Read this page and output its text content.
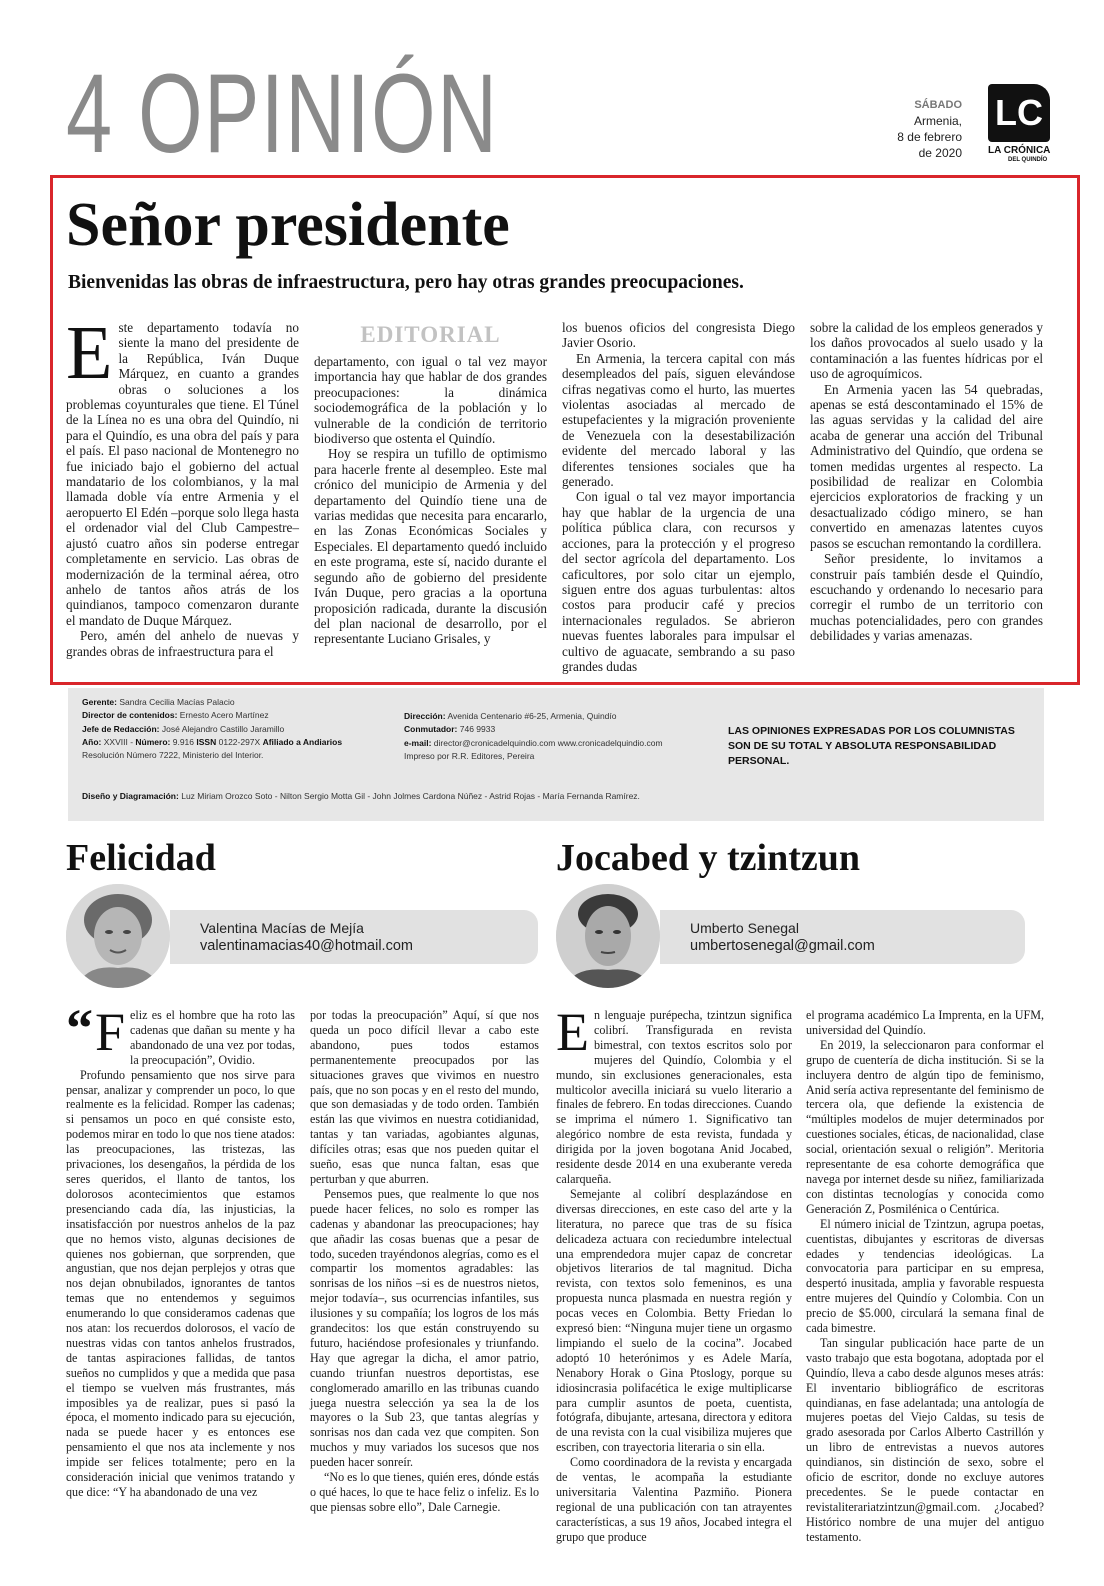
4 OPINIÓN	SÁBADO
Armenia,
8 de febrero
de 2020
LC
LA CRÓNICA
DEL QUINDÍO
Señor presidente
Bienvenidas las obras de infraestructura, pero hay otras grandes preocupaciones.

Este departamento todavía no siente la mano del presidente de la República, Iván Duque Márquez, en cuanto a grandes obras o soluciones a los problemas coyunturales que tiene. El Túnel de la Línea no es una obra del Quindío, ni para el Quindío, es una obra del país y para el país. El paso nacional de Montenegro no fue iniciado bajo el gobierno del actual mandatario de los colombianos, y la mal llamada doble vía entre Armenia y el aeropuerto El Edén –porque solo llega hasta el ordenador vial del Club Campestre– ajustó cuatro años sin poderse entregar completamente en servicio. Las obras de modernización de la terminal aérea, otro anhelo de tantos años atrás de los quindianos, tampoco comenzaron durante el mandato de Duque Márquez.

Pero, amén del anhelo de nuevas y grandes obras de infraestructura para el

EDITORIAL

departamento, con igual o tal vez mayor importancia hay que hablar de dos grandes preocupaciones: la dinámica sociodemográfica de la población y lo vulnerable de la condición de territorio biodiverso que ostenta el Quindío.

Hoy se respira un tufillo de optimismo para hacerle frente al desempleo. Este mal crónico del municipio de Armenia y del departamento del Quindío tiene una de varias medidas que necesita para encararlo, en las Zonas Económicas Sociales y Especiales. El departamento quedó incluido en este programa, este sí, nacido durante el segundo año de gobierno del presidente Iván Duque, pero gracias a la oportuna proposición radicada, durante la discusión del plan nacional de desarrollo, por el representante Luciano Grisales, y

los buenos oficios del congresista Diego Javier Osorio.

En Armenia, la tercera capital con más desempleados del país, siguen elevándose cifras negativas como el hurto, las muertes violentas asociadas al mercado de estupefacientes y la migración proveniente de Venezuela con la desestabilización evidente del mercado laboral y las diferentes tensiones sociales que ha generado.

Con igual o tal vez mayor importancia hay que hablar de la urgencia de una política pública clara, con recursos y acciones, para la protección y el progreso del sector agrícola del departamento. Los caficultores, por solo citar un ejemplo, siguen entre dos aguas turbulentas: altos costos para producir café y precios internacionales regulados. Se abrieron nuevas fuentes laborales para impulsar el cultivo de aguacate, sembrando a su paso grandes dudas

sobre la calidad de los empleos generados y los daños provocados al suelo usado y la contaminación a las fuentes hídricas por el uso de agroquímicos.

En Armenia yacen las 54 quebradas, apenas se está descontaminado el 15% de las aguas servidas y la calidad del aire acaba de generar una acción del Tribunal Administrativo del Quindío, que ordena se tomen medidas urgentes al respecto. La posibilidad de realizar en Colombia ejercicios exploratorios de fracking y un desactualizado código minero, se han convertido en amenazas latentes cuyos pasos se escuchan remontando la cordillera.

Señor presidente, lo invitamos a construir país también desde el Quindío, escuchando y ordenando lo necesario para corregir el rumbo de un territorio con muchas potencialidades, pero con grandes debilidades y varias amenazas.

Gerente: Sandra Cecilia Macías Palacio
Director de contenidos: Ernesto Acero Martínez
Jefe de Redacción: José Alejandro Castillo Jaramillo
Año: XXVIII - Número: 9.916 ISSN 0122-297X Afiliado a Andiarios
Resolución Número 7222, Ministerio del Interior.
Dirección: Avenida Centenario #6-25, Armenia, Quindío
Conmutador: 746 9933
e-mail: director@cronicadelquindio.com www.cronicadelquindio.com
Impreso por R.R. Editores, Pereira
LAS OPINIONES EXPRESADAS POR LOS COLUMNISTAS SON DE SU TOTAL Y ABSOLUTA RESPONSABILIDAD PERSONAL.
Diseño y Diagramación: Luz Miriam Orozco Soto - Nilton Sergio Motta Gil - John Jolmes Cardona Núñez - Astrid Rojas - María Fernanda Ramírez.
Felicidad
Valentina Macías de Mejía
valentinamacias40@hotmail.com

“ F eliz es el hombre que ha roto las cadenas que dañan su mente y ha abandonado de una vez por todas, la preocupación”, Ovidio.

Profundo pensamiento que nos sirve para pensar, analizar y comprender un poco, lo que realmente es la felicidad. Romper las cadenas; si pensamos un poco en qué consiste esto, podemos mirar en todo lo que nos tiene atados: las preocupaciones, las tristezas, las privaciones, los desengaños, la pérdida de los seres queridos, el llanto de tantos, los dolorosos acontecimientos que estamos presenciando cada día, las injusticias, la insatisfacción por nuestros anhelos de la paz que no hemos visto, algunas decisiones de quienes nos gobiernan, que sorprenden, que angustian, que nos dejan perplejos y otras que nos dejan obnubilados, ignorantes de tantos temas que no entendemos y seguimos enumerando lo que consideramos cadenas que nos atan: los recuerdos dolorosos, el vacío de nuestras vidas con tantos anhelos frustrados, de tantas aspiraciones fallidas, de tantos sueños no cumplidos y que a medida que pasa el tiempo se vuelven más frustrantes, más imposibles ya de realizar, pues si pasó la época, el momento indicado para su ejecución, nada se puede hacer y es entonces ese pensamiento el que nos ata inclemente y nos impide ser felices totalmente; pero en la consideración inicial que venimos tratando y que dice: “Y ha abandonado de una vez

por todas la preocupación” Aquí, sí que nos queda un poco difícil llevar a cabo este abandono, pues todos estamos permanentemente preocupados por las situaciones graves que vivimos en nuestro país, que no son pocas y en el resto del mundo, que son demasiadas y de todo orden. También están las que vivimos en nuestra cotidianidad, tantas y tan variadas, agobiantes algunas, difíciles otras; esas que nos pueden quitar el sueño, esas que nunca faltan, esas que perturban y que aburren.

Pensemos pues, que realmente lo que nos puede hacer felices, no solo es romper las cadenas y abandonar las preocupaciones; hay que añadir las cosas buenas que a pesar de todo, suceden trayéndonos alegrías, como es el compartir los momentos agradables: las sonrisas de los niños –si es de nuestros nietos, mejor todavía–, sus ocurrencias infantiles, sus ilusiones y su compañía; los logros de los más grandecitos: los que están construyendo su futuro, haciéndose profesionales y triunfando. Hay que agregar la dicha, el amor patrio, cuando triunfan nuestros deportistas, ese conglomerado amarillo en las tribunas cuando juega nuestra selección ya sea la de los mayores o la Sub 23, que tantas alegrías y sonrisas nos dan cada vez que compiten. Son muchos y muy variados los sucesos que nos pueden hacer sonreír.

“No es lo que tienes, quién eres, dónde estás o qué haces, lo que te hace feliz o infeliz. Es lo que piensas sobre ello”, Dale Carnegie.

Jocabed y tzintzun
Umberto Senegal
umbertosenegal@gmail.com

En lenguaje purépecha, tzintzun significa colibrí. Transfigurada en revista bimestral, con textos escritos solo por mujeres del Quindío, Colombia y el mundo, sin exclusiones generacionales, esta multicolor avecilla iniciará su vuelo literario a finales de febrero. En todas direcciones. Cuando se imprima el número 1. Significativo tan alegórico nombre de esta revista, fundada y dirigida por la joven bogotana Anid Jocabed, residente desde 2014 en una exuberante vereda calarqueña.

Semejante al colibrí desplazándose en diversas direcciones, en este caso del arte y la literatura, no parece que tras de su física delicadeza actuara con reciedumbre intelectual una emprendedora mujer capaz de concretar objetivos literarios de tal magnitud. Dicha revista, con textos solo femeninos, es una propuesta nunca plasmada en nuestra región y pocas veces en Colombia. Betty Friedan lo expresó bien: “Ninguna mujer tiene un orgasmo limpiando el suelo de la cocina”. Jocabed adoptó 10 heterónimos y es Adele María, Nenabory Horak o Gina Ptoslogy, porque su idiosincrasia polifacética le exige multiplicarse para cumplir asuntos de poeta, cuentista, fotógrafa, dibujante, artesana, directora y editora de una revista con la cual visibiliza mujeres que escriben, con trayectoria literaria o sin ella.

Como coordinadora de la revista y encargada de ventas, le acompaña la estudiante universitaria Valentina Pazmiño. Pionera regional de una publicación con tan atrayentes características, a sus 19 años, Jocabed integra el grupo que produce

el programa académico La Imprenta, en la UFM, universidad del Quindío.

En 2019, la seleccionaron para conformar el grupo de cuentería de dicha institución. Si se la incluyera dentro de algún tipo de feminismo, Anid sería activa representante del feminismo de tercera ola, que defiende la existencia de “múltiples modelos de mujer determinados por cuestiones sociales, éticas, de nacionalidad, clase social, orientación sexual o religión”. Meritoria representante de esa cohorte demográfica que navega por internet desde su niñez, familiarizada con distintas tecnologías y conocida como Generación Z, Posmilénica o Centúrica.

El número inicial de Tzintzun, agrupa poetas, cuentistas, dibujantes y escritoras de diversas edades y tendencias ideológicas. La convocatoria para participar en su empresa, despertó inusitada, amplia y favorable respuesta entre mujeres del Quindío y Colombia. Con un precio de $5.000, circulará la semana final de cada bimestre.

Tan singular publicación hace parte de un vasto trabajo que esta bogotana, adoptada por el Quindío, lleva a cabo desde algunos meses atrás: El inventario bibliográfico de escritoras quindianas, en fase adelantada; una antología de mujeres poetas del Viejo Caldas, su tesis de grado asesorada por Carlos Alberto Castrillón y un libro de entrevistas a nuevos autores quindianos, sin distinción de sexo, sobre el oficio de escritor, donde no excluye autores precedentes. Se le puede contactar en revistaliterariatzintzun@gmail.com. ¿Jocabed? Histórico nombre de una mujer del antiguo testamento.
